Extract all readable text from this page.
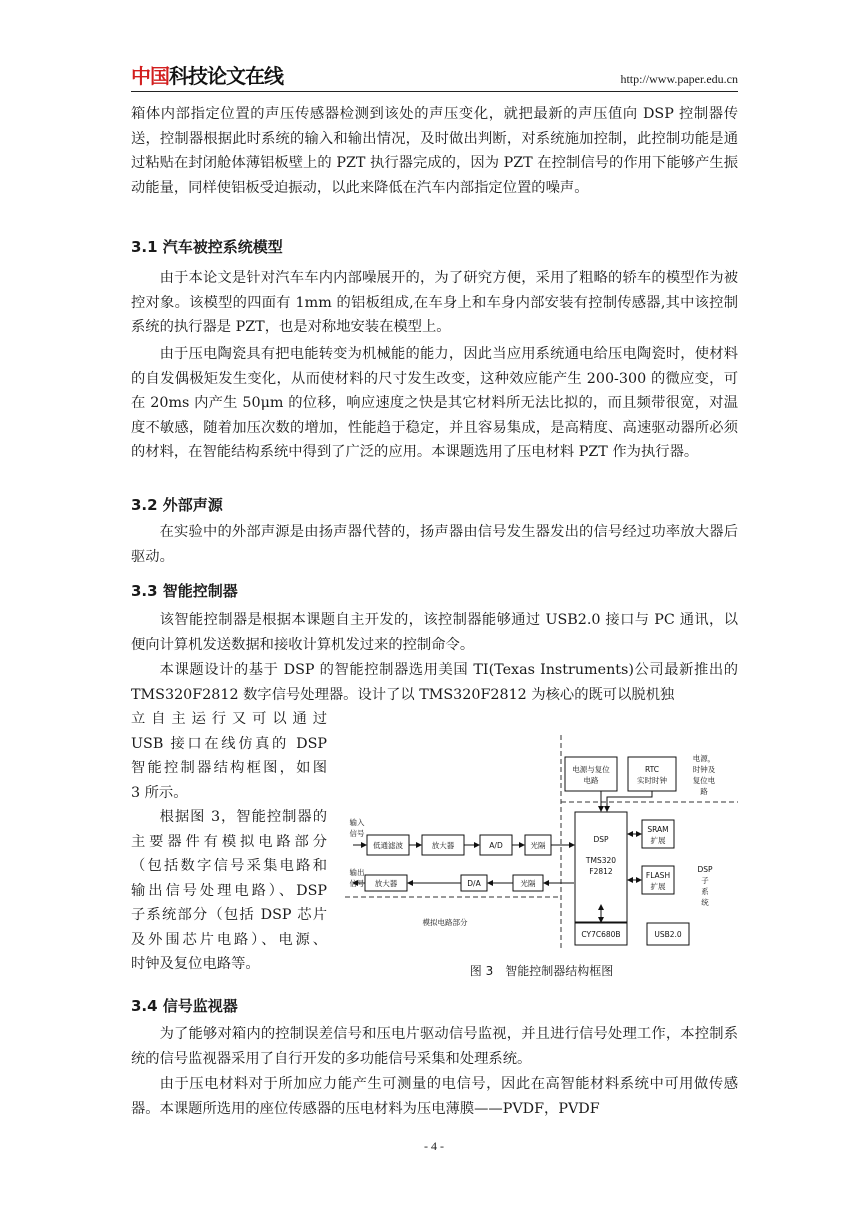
中国科技论文在线	http://www.paper.edu.cn
箱体内部指定位置的声压传感器检测到该处的声压变化，就把最新的声压值向 DSP 控制器传送，控制器根据此时系统的输入和输出情况，及时做出判断，对系统施加控制，此控制功能是通过粘贴在封闭舱体薄铝板壁上的 PZT 执行器完成的，因为 PZT 在控制信号的作用下能够产生振动能量，同样使铝板受迫振动，以此来降低在汽车内部指定位置的噪声。
3.1 汽车被控系统模型
由于本论文是针对汽车车内内部噪展开的，为了研究方便，采用了粗略的轿车的模型作为被控对象。该模型的四面有 1mm 的铝板组成,在车身上和车身内部安装有控制传感器,其中该控制系统的执行器是 PZT，也是对称地安装在模型上。
由于压电陶瓷具有把电能转变为机械能的能力，因此当应用系统通电给压电陶瓷时，使材料的自发偶极矩发生变化，从而使材料的尺寸发生改变，这种效应能产生 200-300 的微应变，可在 20ms 内产生 50μm 的位移，响应速度之快是其它材料所无法比拟的，而且频带很宽，对温度不敏感，随着加压次数的增加，性能趋于稳定，并且容易集成，是高精度、高速驱动器所必须的材料，在智能结构系统中得到了广泛的应用。本课题选用了压电材料 PZT 作为执行器。
3.2 外部声源
在实验中的外部声源是由扬声器代替的，扬声器由信号发生器发出的信号经过功率放大器后驱动。
3.3 智能控制器
该智能控制器是根据本课题自主开发的，该控制器能够通过 USB2.0 接口与 PC 通讯，以便向计算机发送数据和接收计算机发过来的控制命令。
本课题设计的基于 DSP 的智能控制器选用美国 TI(Texas Instruments)公司最新推出的 TMS320F2812 数字信号处理器。设计了以 TMS320F2812 为核心的既可以脱机独
立自主运行又可以通过
USB 接口在线仿真的 DSP
智能控制器结构框图，如图
3 所示。
根据图 3，智能控制器的
主要器件有模拟电路部分
（包括数字信号采集电路和
输出信号处理电路）、DSP
子系统部分（包括 DSP 芯片
及外围芯片电路）、电源、
时钟及复位电路等。
电源与复位
电路
RTC
实时时钟
电源，
时钟及
复位电
路
DSP
TMS320
F2812
SRAM
扩展
FLASH
扩展
DSP
子
系
统
低通滤波	放大器	A/D	光隔
放大器	D/A	光隔
输入
信号
输出
信号
模拟电路部分
CY7C680B	USB2.0
图 3　智能控制器结构框图
3.4 信号监视器
为了能够对箱内的控制误差信号和压电片驱动信号监视，并且进行信号处理工作，本控制系统的信号监视器采用了自行开发的多功能信号采集和处理系统。
由于压电材料对于所加应力能产生可测量的电信号，因此在高智能材料系统中可用做传感器。本课题所选用的座位传感器的压电材料为压电薄膜——PVDF，PVDF
- 4 -
